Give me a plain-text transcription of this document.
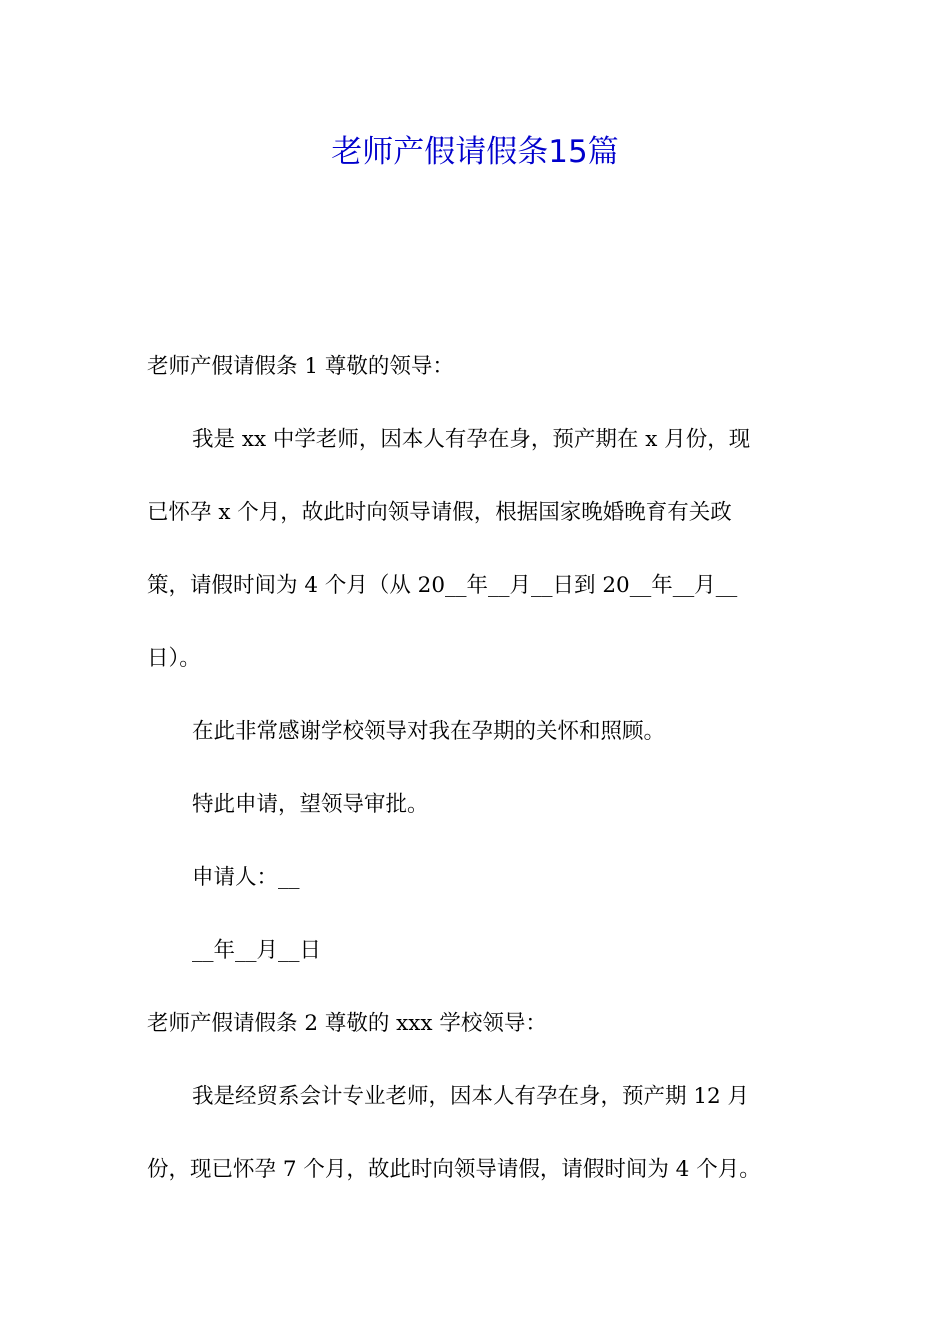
老师产假请假条15篇

老师产假请假条 1 尊敬的领导：

我是 xx 中学老师，因本人有孕在身，预产期在 x 月份，现

已怀孕 x 个月，故此时向领导请假，根据国家晚婚晚育有关政

策，请假时间为 4 个月（从 20__年__月__日到 20__年__月__

日）。

在此非常感谢学校领导对我在孕期的关怀和照顾。

特此申请，望领导审批。

申请人：__

__年__月__日

老师产假请假条 2 尊敬的 xxx 学校领导：

我是经贸系会计专业老师，因本人有孕在身，预产期 12 月

份，现已怀孕 7 个月，故此时向领导请假，请假时间为 4 个月。
